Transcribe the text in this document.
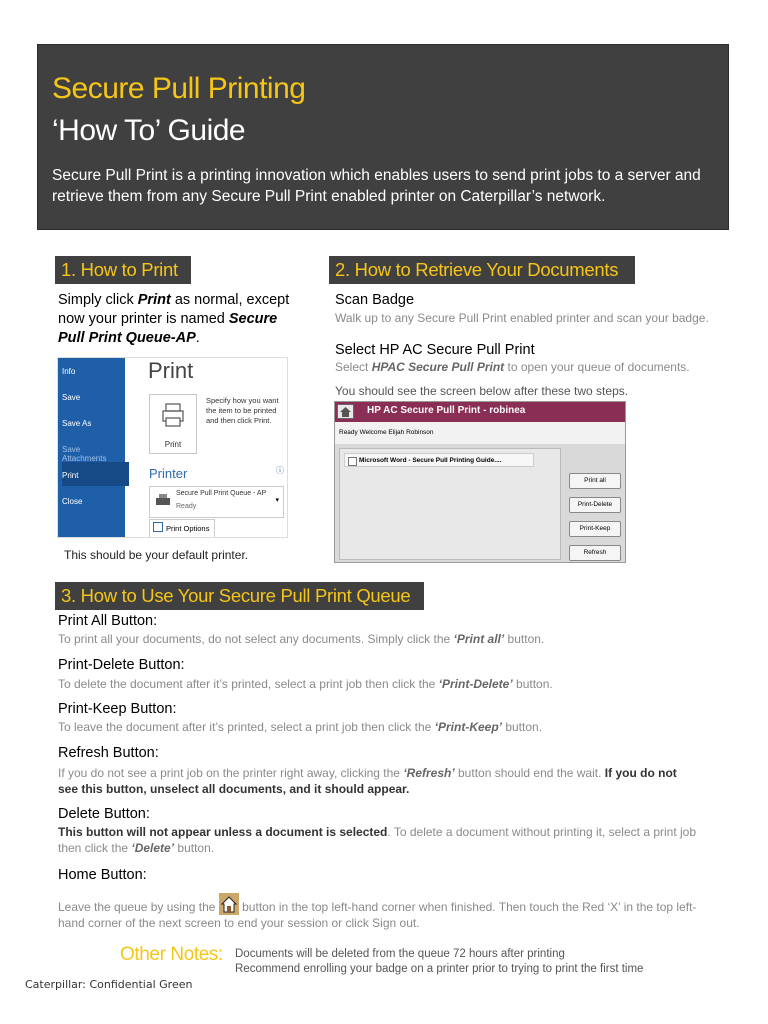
Secure Pull Printing
‘How To’ Guide
Secure Pull Print is a printing innovation which enables users to send print jobs to a server and retrieve them from any Secure Pull Print enabled printer on Caterpillar’s network.
1. How to Print
Simply click Print as normal, except now your printer is named Secure Pull Print Queue-AP.
Info
Save
Save As
Save Attachments
Print
Close
Print
Print
Specify how you want the item to be printed and then click Print.
Printer	ⓘ
Secure Pull Print Queue - AP
Ready
▾
Print Options
This should be your default printer.
2. How to Retrieve Your Documents
Scan Badge
Walk up to any Secure Pull Print enabled printer and scan your badge.
Select HP AC Secure Pull Print
Select HPAC Secure Pull Print to open your queue of documents.
You should see the screen below after these two steps.
HP AC Secure Pull Print - robinea
Ready Welcome Elijah Robinson
Microsoft Word - Secure Pull Printing Guide....
Print all
Print-Delete
Print-Keep
Refresh
3. How to Use Your Secure Pull Print Queue
Print All Button:
To print all your documents, do not select any documents. Simply click the ‘Print all’ button.
Print-Delete Button:
To delete the document after it’s printed, select a print job then click the ‘Print-Delete’ button.
Print-Keep Button:
To leave the document after it’s printed, select a print job then click the ‘Print-Keep’ button.
Refresh Button:
If you do not see a print job on the printer right away, clicking the ‘Refresh’ button should end the wait. If you do not see this button, unselect all documents, and it should appear.
Delete Button:
This button will not appear unless a document is selected. To delete a document without printing it, select a print job then click the ‘Delete’ button.
Home Button:
Leave the queue by using the  button in the top left-hand corner when finished. Then touch the Red ‘X’ in the top left-hand corner of the next screen to end your session or click Sign out.
Other Notes: Documents will be deleted from the queue 72 hours after printing
Recommend enrolling your badge on a printer prior to trying to print the first time
Caterpillar: Confidential Green
